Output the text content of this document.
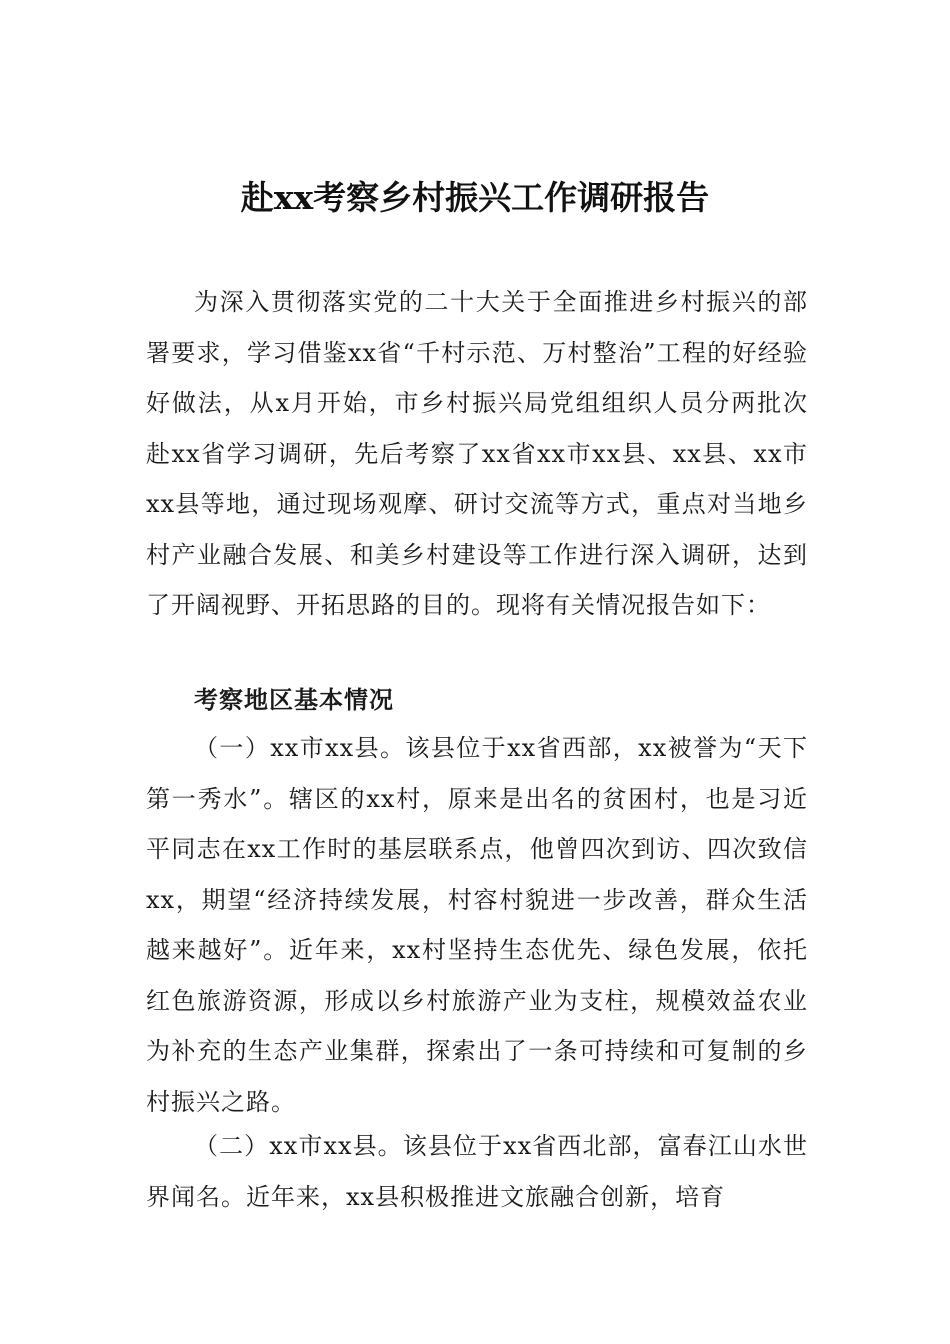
赴xx考察乡村振兴工作调研报告

为深入贯彻落实党的二十大关于全面推进乡村振兴的部署要求，学习借鉴xx省“千村示范、万村整治”工程的好经验好做法，从x月开始，市乡村振兴局党组组织人员分两批次赴xx省学习调研，先后考察了xx省xx市xx县、xx县、xx市xx县等地，通过现场观摩、研讨交流等方式，重点对当地乡村产业融合发展、和美乡村建设等工作进行深入调研，达到了开阔视野、开拓思路的目的。现将有关情况报告如下：

考察地区基本情况

（一）xx市xx县。该县位于xx省西部，xx被誉为“天下第一秀水”。辖区的xx村，原来是出名的贫困村，也是习近平同志在xx工作时的基层联系点，他曾四次到访、四次致信xx，期望“经济持续发展，村容村貌进一步改善，群众生活越来越好”。近年来，xx村坚持生态优先、绿色发展，依托红色旅游资源，形成以乡村旅游产业为支柱，规模效益农业为补充的生态产业集群，探索出了一条可持续和可复制的乡村振兴之路。

（二）xx市xx县。该县位于xx省西北部，富春江山水世界闻名。近年来，xx县积极推进文旅融合创新，培育
